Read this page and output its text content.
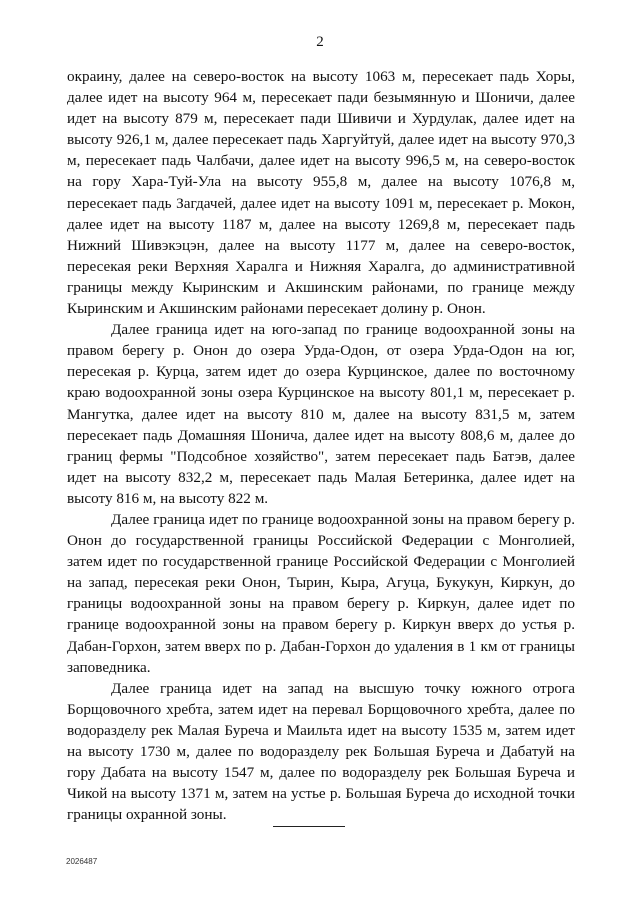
2

окраину, далее на северо-восток на высоту 1063 м, пересекает падь Хоры, далее идет на высоту 964 м, пересекает пади безымянную и Шоничи, далее идет на высоту 879 м, пересекает пади Шивичи и Хурдулак, далее идет на высоту 926,1 м, далее пересекает падь Харгуйтуй, далее идет на высоту 970,3 м, пересекает падь Чалбачи, далее идет на высоту 996,5 м, на северо-восток на гору Хара-Туй-Ула на высоту 955,8 м, далее на высоту 1076,8 м, пересекает падь Загдачей, далее идет на высоту 1091 м, пересекает р. Мокон, далее идет на высоту 1187 м, далее на высоту 1269,8 м, пересекает падь Нижний Шивэкэцэн, далее на высоту 1177 м, далее на северо-восток, пересекая реки Верхняя Харалга и Нижняя Харалга, до административной границы между Кыринским и Акшинским районами, по границе между Кыринским и Акшинским районами пересекает долину р. Онон.

Далее граница идет на юго-запад по границе водоохранной зоны на правом берегу р. Онон до озера Урда-Одон, от озера Урда-Одон на юг, пересекая р. Курца, затем идет до озера Курцинское, далее по восточному краю водоохранной зоны озера Курцинское на высоту 801,1 м, пересекает р. Мангутка, далее идет на высоту 810 м, далее на высоту 831,5 м, затем пересекает падь Домашняя Шонича, далее идет на высоту 808,6 м, далее до границ фермы "Подсобное хозяйство", затем пересекает падь Батэв, далее идет на высоту 832,2 м, пересекает падь Малая Бетеринка, далее идет на высоту 816 м, на высоту 822 м.

Далее граница идет по границе водоохранной зоны на правом берегу р. Онон до государственной границы Российской Федерации с Монголией, затем идет по государственной границе Российской Федерации с Монголией на запад, пересекая реки Онон, Тырин, Кыра, Агуца, Букукун, Киркун, до границы водоохранной зоны на правом берегу р. Киркун, далее идет по границе водоохранной зоны на правом берегу р. Киркун вверх до устья р. Дабан-Горхон, затем вверх по р. Дабан-Горхон до удаления в 1 км от границы заповедника.

Далее граница идет на запад на высшую точку южного отрога Борщовочного хребта, затем идет на перевал Борщовочного хребта, далее по водоразделу рек Малая Буреча и Маильта идет на высоту 1535 м, затем идет на высоту 1730 м, далее по водоразделу рек Большая Буреча и Дабатуй на гору Дабата на высоту 1547 м, далее по водоразделу рек Большая Буреча и Чикой на высоту 1371 м, затем на устье р. Большая Буреча до исходной точки границы охранной зоны.

2026487
